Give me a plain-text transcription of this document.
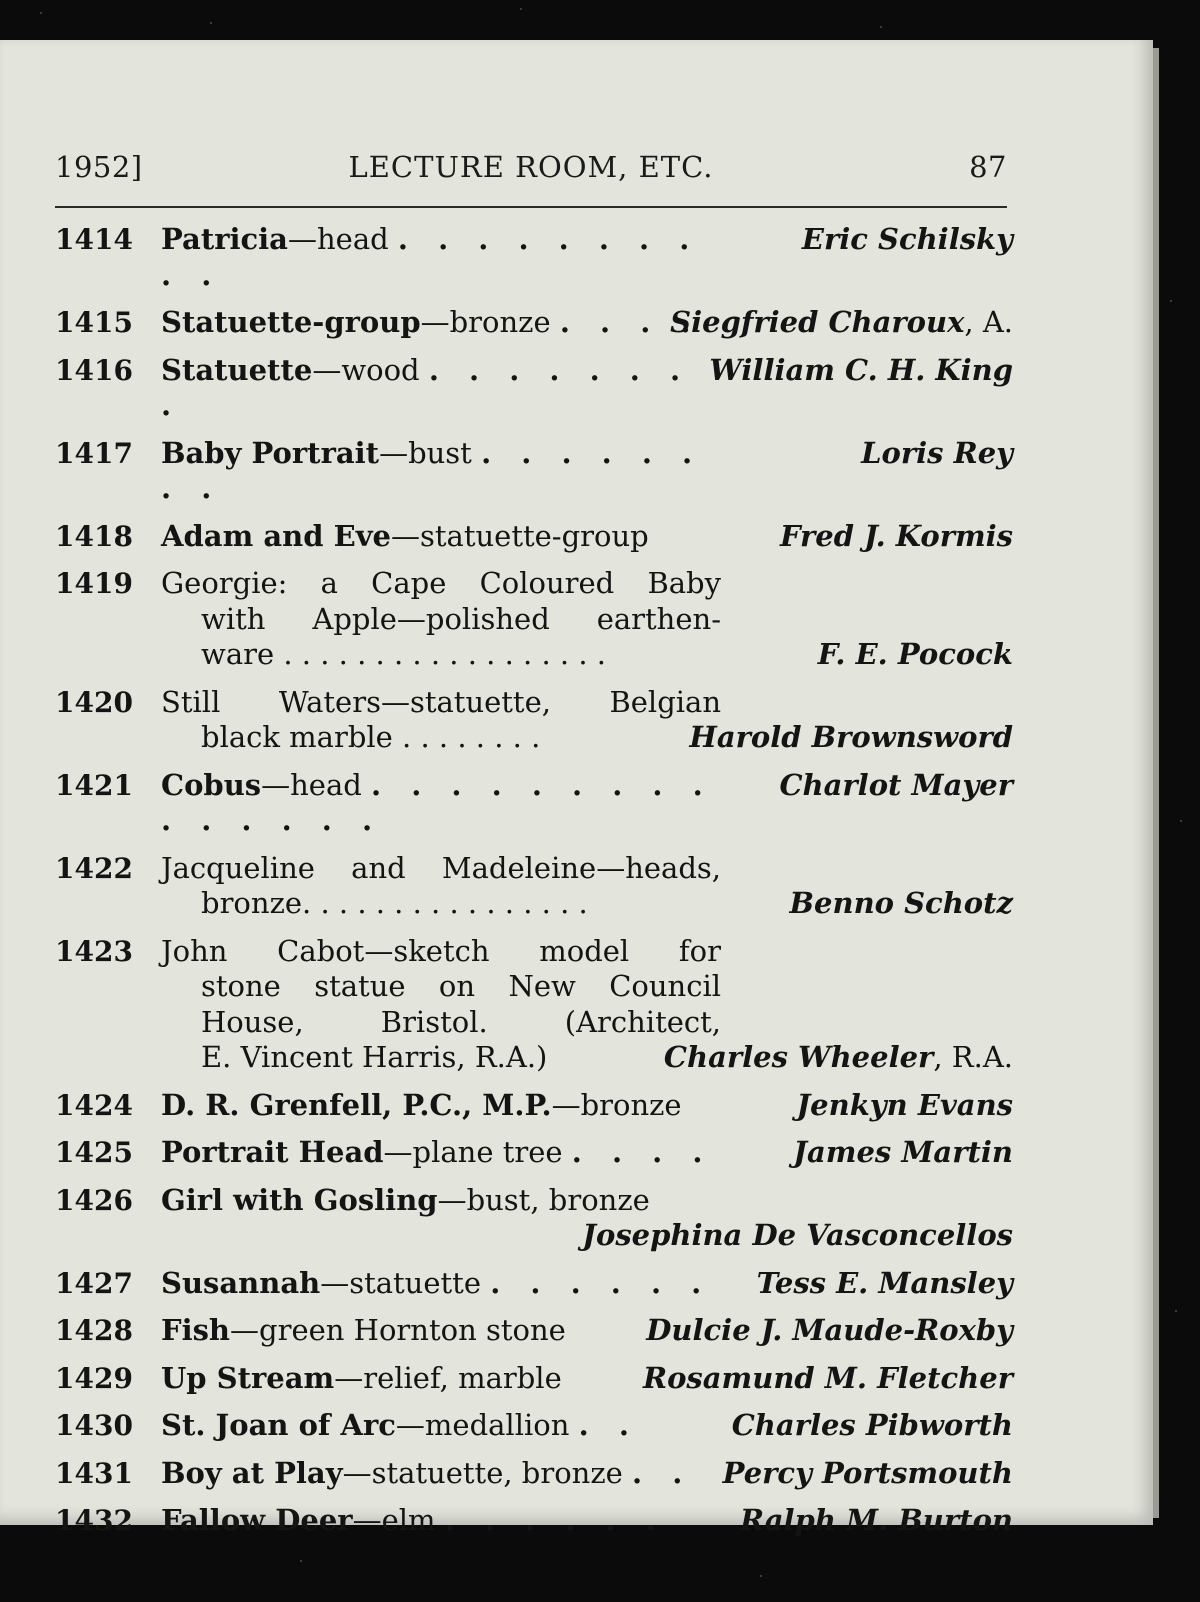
1952]	LECTURE ROOM, ETC.	87
1414 Patricia—head . . . . . . . . . .
Eric Schilsky
1415 Statuette-group—bronze . . . .
Siegfried Charoux, A.
1416 Statuette—wood . . . . . . . .
William C. H. King
1417 Baby Portrait—bust . . . . . . . .
Loris Rey
1418 Adam and Eve—statuette-group	Fred J. Kormis
1419 Georgie: a Cape Coloured Baby
with Apple—polished earthen-
ware . . . . . . . . . . . . . . . . . .	F. E. Pocock
1420 Still Waters—statuette, Belgian
black marble . . . . . . . .	Harold Brownsword
1421 Cobus—head . . . . . . . . . . . . . . .
Charlot Mayer
1422 Jacqueline and Madeleine—heads,
bronze. . . . . . . . . . . . . . . .	Benno Schotz
1423 John Cabot—sketch model for
stone statue on New Council
House, Bristol. (Architect,
E. Vincent Harris, R.A.)	Charles Wheeler, R.A.
1424 D. R. Grenfell, P.C., M.P.—bronze	Jenkyn Evans
1425 Portrait Head—plane tree . . . .	James Martin
1426 Girl with Gosling—bust, bronze
Josephina De Vasconcellos
1427 Susannah—statuette . . . . . .	Tess E. Mansley
1428 Fish—green Hornton stone	Dulcie J. Maude-Roxby
1429 Up Stream—relief, marble	Rosamund M. Fletcher
1430 St. Joan of Arc—medallion . .	Charles Pibworth
1431 Boy at Play—statuette, bronze . .	Percy Portsmouth
1432 Fallow Deer—elm . . . . . .	Ralph M. Burton
